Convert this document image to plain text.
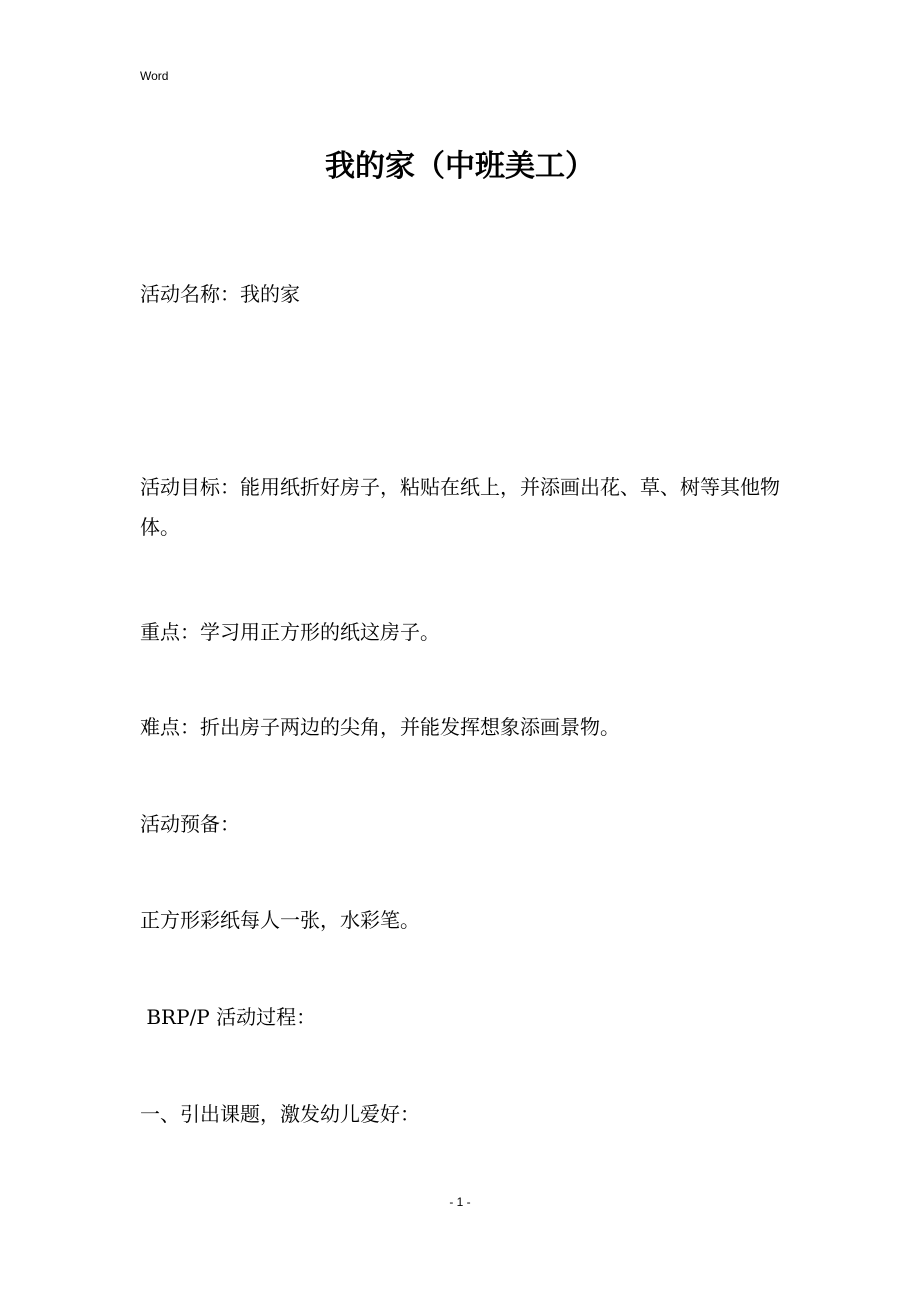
Word
我的家（中班美工）

活动名称：我的家

活动目标：能用纸折好房子，粘贴在纸上，并添画出花、草、树等其他物体。

重点：学习用正方形的纸这房子。

难点：折出房子两边的尖角，并能发挥想象添画景物。

活动预备：

正方形彩纸每人一张，水彩笔。

BRP/P 活动过程：

一、引出课题，激发幼儿爱好：

- 1 -
